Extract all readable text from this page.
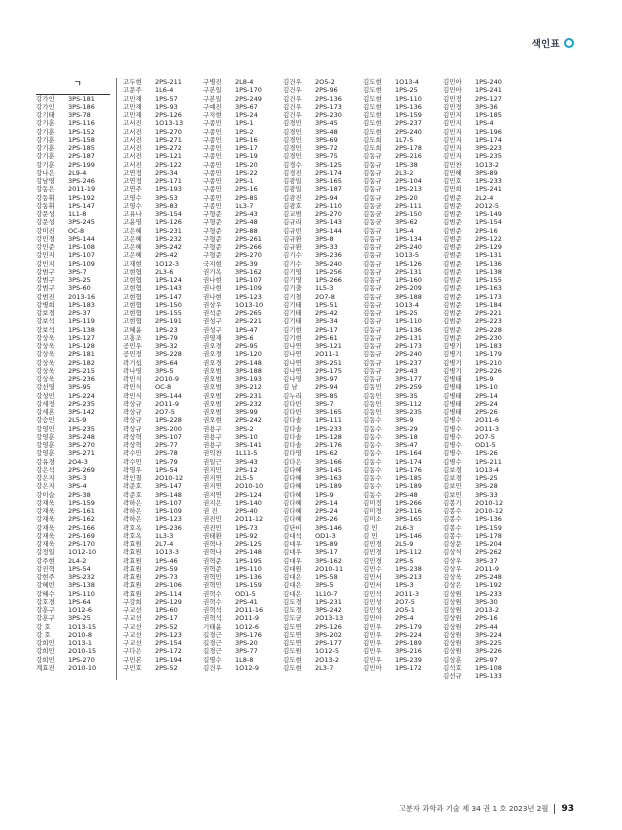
색인표
ㄱ
강가인	3PS-181
강가인	3PS-186
강기태	3PS-78
강기훈	1PS-116
강기훈	1PS-152
강기훈	1PS-158
강기훈	2PS-185
강기훈	2PS-187
강기훈	2PS-199
강나은	2L9-4
강남영	3PS-246
강동은	2011-19
강동휘	1PS-192
강동휘	1PS-147
강문성	1L1-8
강문성	3PS-245
강미진	OC-8
강민경	3PS-144
강민준	1PS-108
강민지	1PS-107
강민지	1PS-109
강범구	3PS-7
강범구	3PS-25
강범구	3PS-60
강범진	2013-16
강병희	1PS-183
강보경	2PS-37
강보석	1PS-119
강보석	1PS-138
강상욱	1PS-127
강상욱	1PS-128
강상욱	2PS-181
강상욱	2PS-182
강상욱	2PS-215
강상욱	2PS-236
강선영	3PS-95
강성민	1PS-224
강세정	2PS-235
강세혼	3PS-142
강승민	2L5-9
강영민	1PS-235
강영훈	3PS-248
강영훈	3PS-270
강영훈	3PS-271
강유경	2O4-3
강은석	2PS-269
강은지	3PS-3
강은지	3PS-4
강이슬	2PS-38
강재욱	1PS-159
강재욱	2PS-161
강재욱	2PS-162
강재욱	2PS-166
강재욱	2PS-169
강재욱	2PS-170
강정일	1O12-10
강주현	2L4-2
강진혁	1PS-54
강현주	3PS-232
강혜빈	3PS-138
강혜수	1PS-110
강호경	1PS-64
강훈구	1O12-6
강훈구	3PS-25
강 호	1O13-15
강 호	2O10-8
강희민	1O13-1
강희민	2O10-15
강희민	1PS-270
계효진	2O10-10
고두현	2PS-211
고문주	1L6-4
고민재	1PS-57
고민재	1PS-93
고민재	2PS-126
고서진	1O13-13
고서진	1PS-270
고서진	1PS-271
고서진	1PS-272
고서진	1PS-121
고서진	2PS-122
고연정	2PS-34
고연정	2PS-171
고연주	1PS-193
고영수	3PS-53
고영수	3PS-83
고유나	3PS-154
고윤영	1PS-126
고은혜	1PS-231
고은혜	1PS-232
고은혜	3PS-242
고은혜	2PS-42
고재현	1O12-3
고현협	2L3-6
고현협	1PS-124
고현협	1PS-143
고현협	1PS-147
고현협	1PS-150
고현협	1PS-155
고현협	2PS-191
고혜윤	1PS-23
고홍조	1PS-79
공민우	3PS-32
공민정	3PS-228
곽기섭	3PS-64
곽나영	3PS-5
곽민식	2O10-9
곽민식	OC-8
곽민식	3PS-144
곽상규	2O11-9
곽상규	2O7-5
곽상규	1PS-228
곽상규	3PS-200
곽상혁	3PS-107
곽상혁	2PS-77
곽수민	2PS-78
곽수민	1PS-79
곽영우	1PS-54
곽인철	2O10-12
곽준호	3PS-147
곽준호	3PS-148
곽하은	1PS-107
곽하은	1PS-109
곽하은	1PS-123
곽호옥	1PS-236
곽호옥	1L3-3
곽효원	2L7-4
곽효원	1O13-3
곽효원	1PS-46
곽효원	2PS-59
곽효원	2PS-73
곽효원	2PS-106
곽효원	2PS-114
구강희	2PS-129
구교선	1PS-60
구교선	2PS-17
구교선	2PS-52
구교선	2PS-123
구교선	2PS-154
구다은	2PS-172
구민본	1PS-194
구민호	2PS-52
구병진	2L8-4
구본일	1PS-170
구본일	2PS-249
구예진	3PS-67
구자현	1PS-24
구종민	1PS-1
구종민	1PS-2
구종민	1PS-16
구종민	1PS-17
구종민	1PS-19
구종민	1PS-20
구종민	1PS-22
구종민	2PS-1
구종민	2PS-16
구종민	2PS-85
구종민	1L3-7
구형준	2PS-43
구형준	2PS-48
구형준	2PS-88
구형준	2PS-261
구형준	2PS-266
구형준	2PS-270
국지현	2PS-39
권기옥	3PS-162
권나현	1PS-107
권나현	1PS-109
권나현	1PS-123
권상우	1O13-10
권석준	2PS-265
권성구	2PS-221
권성구	1PS-47
권영재	3PS-6
권오경	2PS-95
권오경	1PS-120
권오경	2PS-148
권오범	3PS-188
권오범	3PS-193
권오범	3PS-212
권오범	2PS-231
권오범	2PS-232
권오범	3PS-99
권오현	2PS-242
권용구	3PS-2
권용구	3PS-10
권용구	3PS-141
권익찬	1L11-5
권일근	3PS-43
권지민	2PS-12
권지연	2L5-5
권지연	2O10-10
권지연	2PS-124
권지은	1PS-140
권 진	2PS-40
권진민	2O11-12
권진민	1PS-73
권태환	1PS-92
권혁나	2PS-125
권혁나	2PS-148
권혁준	1PS-195
권혁준	1PS-110
권혁민	1PS-136
권혁민	1PS-159
권혁수	OD1-5
권혁수	2PS-41
권혁석	2O11-16
권혁석	2O11-9
기태윤	1O12-6
길경근	3PS-176
길경근	3PS-20
길경근	3PS-77
길명수	1L8-8
김건우	1O12-9
김건우	2O5-2
김건우	2PS-96
김건우	2PS-136
김건우	2PS-173
김건우	2PS-230
김경민	3PS-45
김경민	3PS-48
김경민	3PS-69
김경민	3PS-72
김경민	3PS-75
김경수	3PS-125
김경진	2PS-174
김광일	3PS-165
김광일	3PS-187
김광진	2PS-94
김광호	2PS-110
김교범	2PS-270
김규리	3PS-143
김규빈	3PS-144
김규환	3PS-8
김규환	3PS-33
김기수	3PS-236
김기수	3PS-240
김기영	1PS-256
김기영	1PS-266
김기출	1L5-3
김기철	2O7-8
김기태	1PS-51
김기태	2PS-42
김기태	3PS-34
김기현	2PS-17
김기현	2PS-61
김나연	3PS-121
김나연	2O11-1
김나연	3PS-251
김나연	2PS-175
김나영	3PS-97
김 남	2PS-94
김누리	3PS-85
김다빈	3PS-7
김다빈	3PS-165
김다솔	1PS-111
김다솔	1PS-233
김다솔	1PS-128
김다솔	2PS-176
김다영	1PS-62
김다은	3PS-166
김다혜	3PS-145
김다혜	3PS-163
김다혜	1PS-189
김다혜	1PS-9
김다혜	2PS-14
김다혜	2PS-24
김다혜	2PS-26
김단비	3PS-146
김대석	OD1-3
김대우	1PS-89
김대우	3PS-17
김대우	3PS-162
김대원	2O10-11
김대은	1PS-58
김대은	3PS-5
김대은	1L10-7
김도경	1PS-231
김도경	3PS-242
김도균	2O13-13
김도연	2PS-126
김도연	3PS-202
김도연	2PS-177
김도원	1O12-5
김도현	2O13-2
김도현	2L3-7
김도현	1O13-4
김도현	1PS-25
김도현	1PS-110
김도현	1PS-136
김도현	1PS-159
김도현	2PS-237
김도현	2PS-240
김도희	1L7-5
김도희	2PS-178
김동규	2PS-216
김동규	1PS-38
김동규	2L3-2
김동규	2PS-104
김동규	1PS-213
김동규	2PS-20
김동균	2PS-111
김동균	2PS-150
김동균	3PS-62
김동규	1PS-4
김동규	1PS-134
김동규	2PS-240
김동규	1O13-5
김동규	1PS-126
김동규	2PS-131
김동규	1PS-160
김동규	2PS-209
김동규	3PS-188
김동규	1O13-4
김동규	1PS-25
김동규	1PS-110
김동규	1PS-136
김동규	2PS-131
김동규	2PS-173
김동규	2PS-240
김동규	1PS-237
김동규	2PS-43
김동규	3PS-177
김동민	2PS-259
김동민	3PS-35
김동민	3PS-112
김동민	3PS-235
김동수	3PS-9
김동수	3PS-29
김동수	3PS-18
김동수	3PS-47
김동수	1PS-164
김동수	1PS-174
김동수	1PS-176
김동수	1PS-185
김동수	1PS-189
김동수	2PS-48
김미정	1PS-266
김미정	2PS-116
김미소	3PS-165
김 민	2L6-3
김 민	1PS-146
김민경	2L5-9
김민경	1PS-112
김민경	2PS-5
김민수	1PS-238
김민서	3PS-213
김민서	1PS-3
김민석	2O11-3
김민성	2O7-5
김민성	2O5-1
김민아	2PS-4
김민우	2PS-179
김민우	2PS-224
김민우	2PS-189
김민우	3PS-216
김민우	1PS-239
김민아	1PS-172
김민아	1PS-240
김민아	1PS-241
김민정	2PS-127
김민정	3PS-36
김민지	1PS-185
김민지	1PS-4
김민지	1PS-196
김민지	1PS-174
김민지	3PS-223
김민지	1PS-235
김민찬	1O13-2
김민혜	3PS-89
김민호	1PS-233
김민희	1PS-241
김범준	2L2-4
김범준	2O12-5
김범준	1PS-149
김범준	1PS-154
김범준	2PS-16
김범준	2PS-122
김범준	2PS-129
김범준	1PS-131
김범준	1PS-136
김범준	1PS-138
김범준	1PS-155
김범준	1PS-163
김범준	1PS-173
김범준	1PS-184
김범준	2PS-221
김범준	2PS-223
김범준	2PS-228
김범준	2PS-230
김병기	1PS-183
김병기	1PS-179
김병기	1PS-210
김병기	2PS-226
김병태	1PS-9
김병태	1PS-10
김병태	2PS-14
김병태	2PS-24
김병태	2PS-26
김병수	2O11-6
김병수	2O11-3
김병수	2O7-5
김병수	OD1-5
김병수	1PS-26
김병수	1PS-211
김보경	1O13-4
김보경	1PS-25
김보민	3PS-28
김보민	3PS-33
김봉기	2O10-12
김봉수	2O10-12
김봉수	1PS-136
김봉수	1PS-159
김봉수	1PS-178
김상문	1PS-204
김상식	2PS-262
김상우	3PS-37
김상우	2O11-9
김상욱	2PS-248
김상은	1PS-192
김상원	1PS-233
김상원	3PS-30
김상원	2O13-2
김상원	2PS-16
김상원	2PS-44
김상원	3PS-224
김상원	3PS-225
김상원	3PS-226
김상훈	2PS-97
김석호	1PS-108
김선규	1PS-133
고분자 과학과 기술 제 34 권 1 호 2023년 2월 93
